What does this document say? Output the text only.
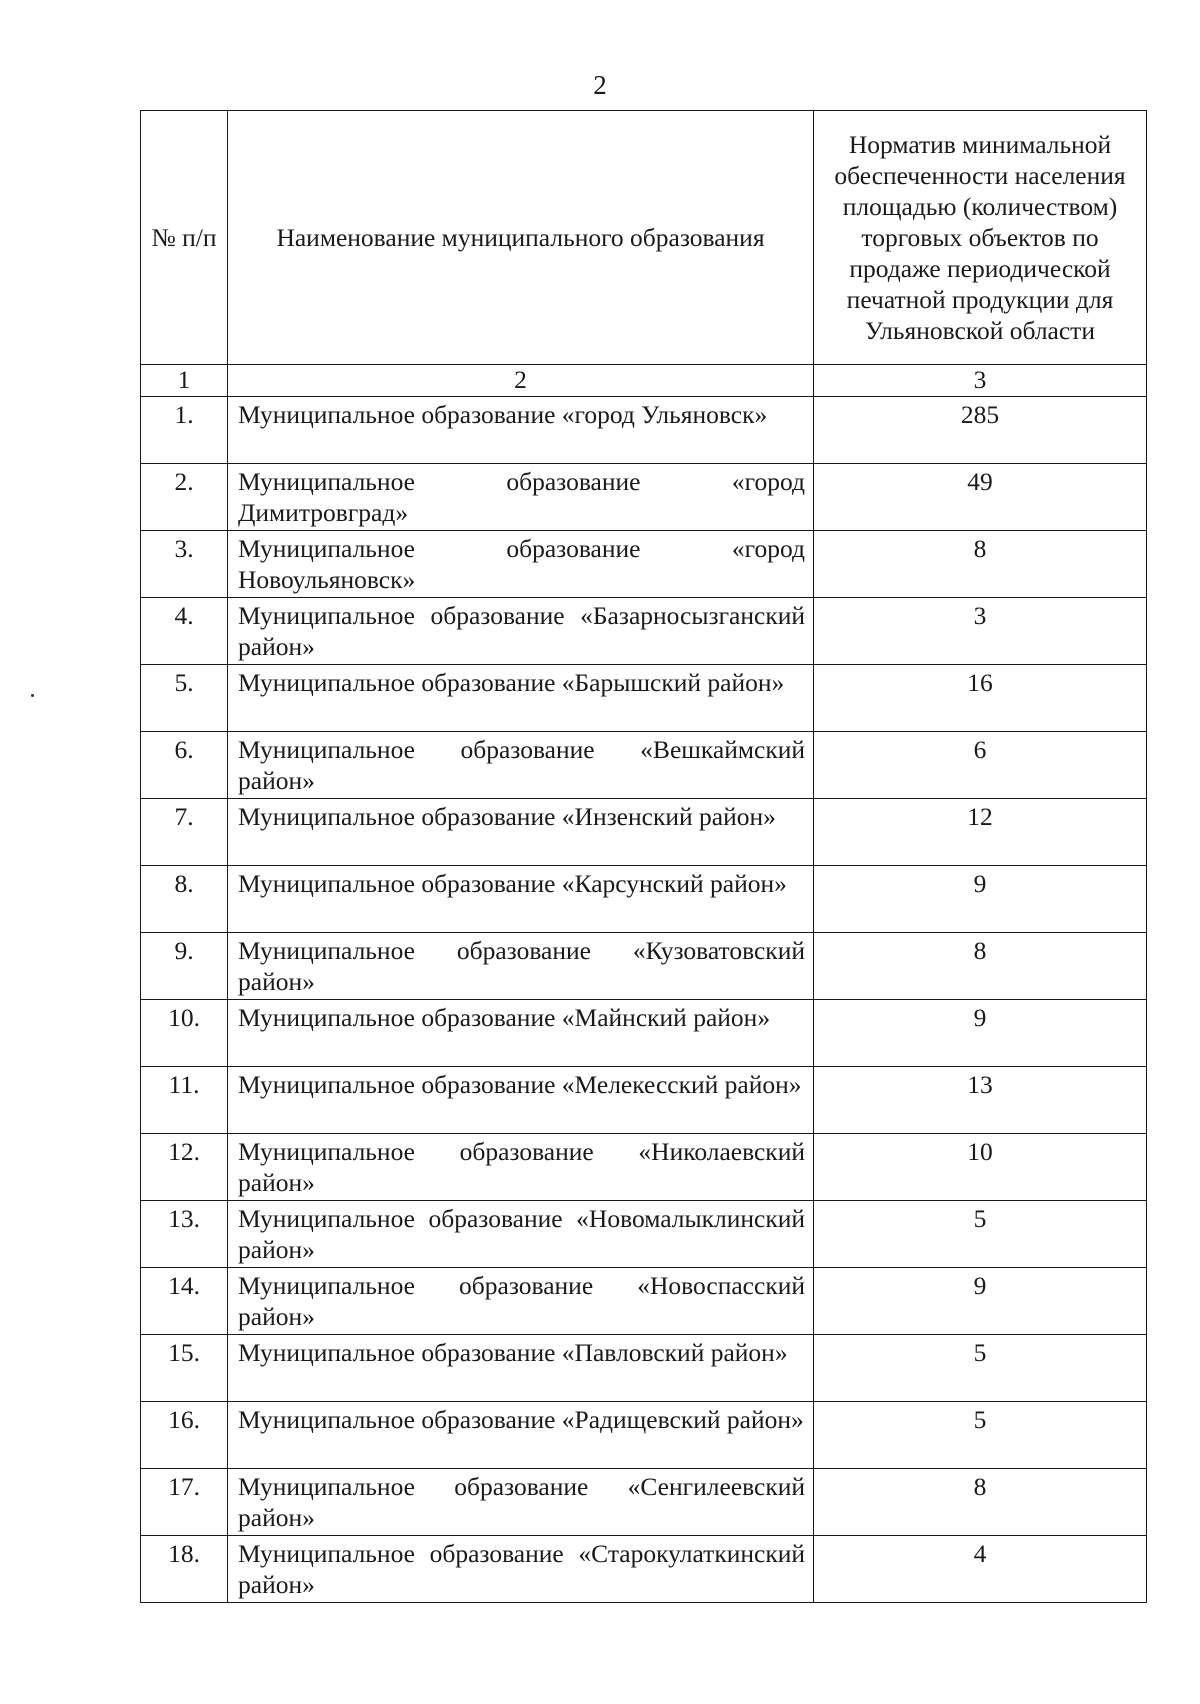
2
№ п/п	Наименование муниципального образования	Норматив минимальной обеспеченности населения площадью (количеством) торговых объектов по продаже периодической печатной продукции для Ульяновской области
1	2	3
1.	Муниципальное образование «город Ульяновск»	285
2.	Муниципальное образование «город Димитровград»	49
3.	Муниципальное образование «город Новоульяновск»	8
4.	Муниципальное образование «Базарносызганский район»	3
5.	Муниципальное образование «Барышский район»	16
6.	Муниципальное образование «Вешкаймский район»	6
7.	Муниципальное образование «Инзенский район»	12
8.	Муниципальное образование «Карсунский район»	9
9.	Муниципальное образование «Кузоватовский район»	8
10.	Муниципальное образование «Майнский район»	9
11.	Муниципальное образование «Мелекесский район»	13
12.	Муниципальное образование «Николаевский район»	10
13.	Муниципальное образование «Новомалыклинский район»	5
14.	Муниципальное образование «Новоспасский район»	9
15.	Муниципальное образование «Павловский район»	5
16.	Муниципальное образование «Радищевский район»	5
17.	Муниципальное образование «Сенгилеевский район»	8
18.	Муниципальное образование «Старокулаткинский район»	4
